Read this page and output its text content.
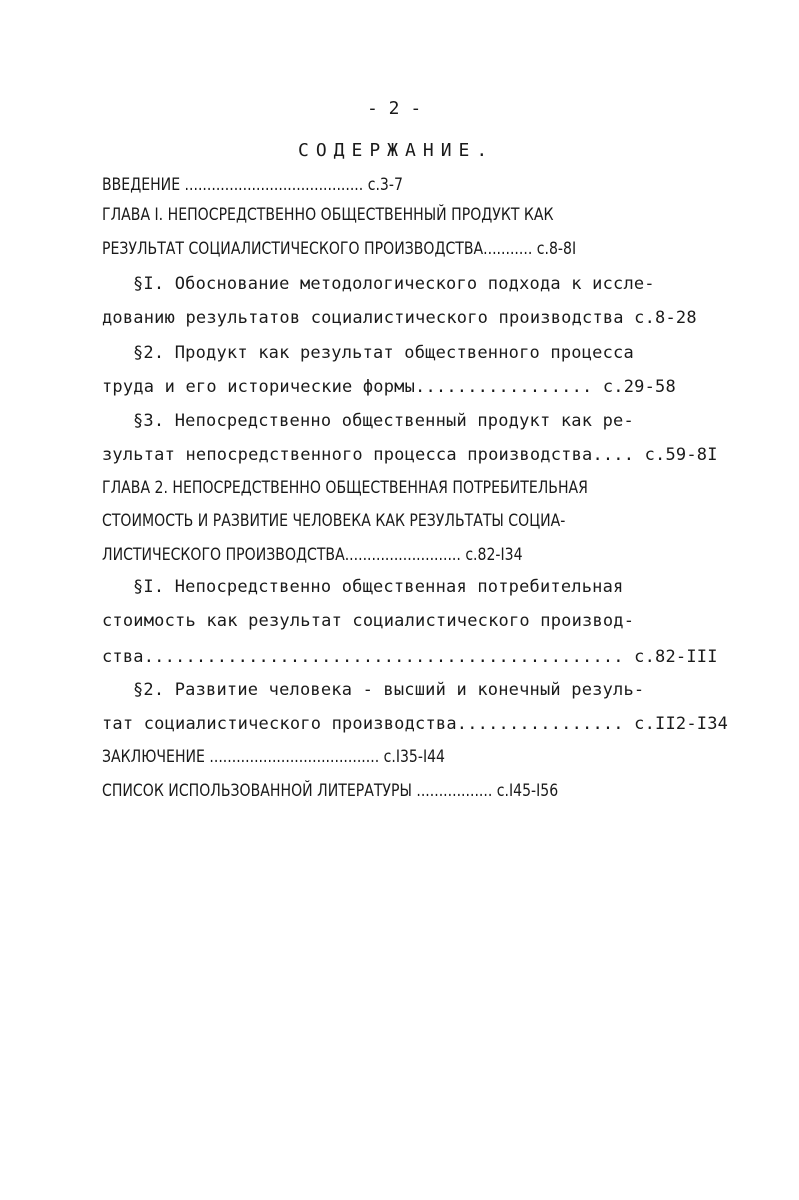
- 2 -
СОДЕРЖАНИЕ.
ВВЕДЕНИЕ ........................................ с.3-7
ГЛАВА I. НЕПОСРЕДСТВЕННО ОБЩЕСТВЕННЫЙ ПРОДУКТ КАК
РЕЗУЛЬТАТ СОЦИАЛИСТИЧЕСКОГО ПРОИЗВОДСТВА........... с.8-8I
§I. Обоснование методологического подхода к иссле-
дованию результатов социалистического производства с.8-28
§2. Продукт как результат общественного процесса
труда и его исторические формы................. с.29-58
§3. Непосредственно общественный продукт как ре-
зультат непосредственного процесса производства.... с.59-8I
ГЛАВА 2. НЕПОСРЕДСТВЕННО ОБЩЕСТВЕННАЯ ПОТРЕБИТЕЛЬНАЯ
СТОИМОСТЬ И РАЗВИТИЕ ЧЕЛОВЕКА КАК РЕЗУЛЬТАТЫ СОЦИА-
ЛИСТИЧЕСКОГО ПРОИЗВОДСТВА.......................... с.82-I34
§I. Непосредственно общественная потребительная
стоимость как результат социалистического производ-
ства.............................................. с.82-III
§2. Развитие человека - высший и конечный резуль-
тат социалистического производства................ с.II2-I34
ЗАКЛЮЧЕНИЕ ...................................... с.I35-I44
СПИСОК ИСПОЛЬЗОВАННОЙ ЛИТЕРАТУРЫ ................. с.I45-I56
